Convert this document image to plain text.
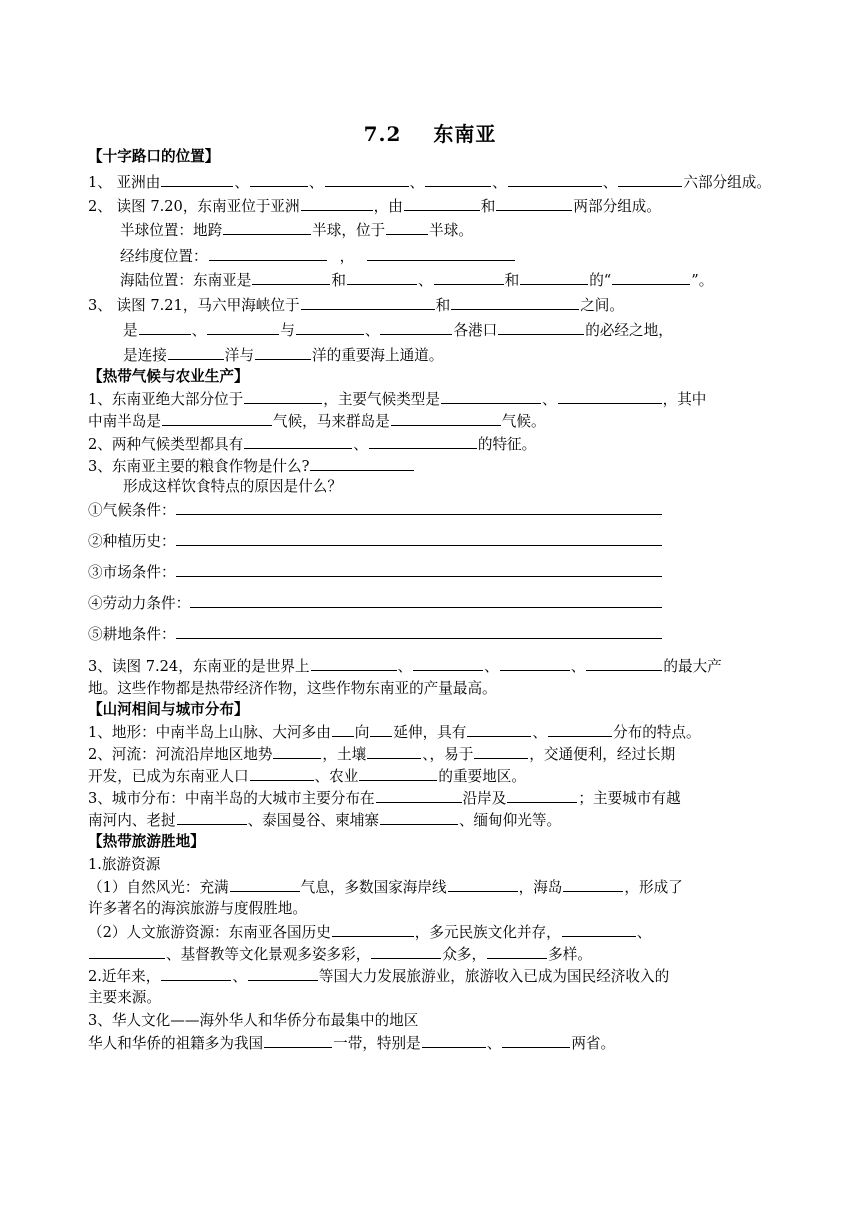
7.2 东南亚
【十字路口的位置】
1、 亚洲由	、	、	、	、	、	六部分组成。
2、 读图 7.20，东南亚位于亚洲	，由	和	两部分组成。
半球位置：地跨	半球，位于	半球。
经纬度位置：	，
海陆位置：东南亚是	和	、	和	的“	”。
3、 读图 7.21，马六甲海峡位于	和	之间。
是	、	与	、	各港口	的必经之地，
是连接	洋与	洋的重要海上通道。
【热带气候与农业生产】
1、东南亚绝大部分位于	，主要气候类型是	、	，其中
中南半岛是	气候，马来群岛是	气候。
2、两种气候类型都具有	、	的特征。
3、东南亚主要的粮食作物是什么?
形成这样饮食特点的原因是什么？
①气候条件：
②种植历史：
③市场条件：
④劳动力条件：
⑤耕地条件：
3、读图 7.24，东南亚的是世界上	、	、	、	的最大产
地。这些作物都是热带经济作物，这些作物东南亚的产量最高。
【山河相间与城市分布】
1、地形：中南半岛上山脉、大河多由 向 延伸，具有	、	分布的特点。
2、河流：河流沿岸地区地势	，土壤	、，易于	，交通便利，经过长期
开发，已成为东南亚人口	、农业	的重要地区。
3、城市分布：中南半岛的大城市主要分布在	沿岸及	；主要城市有越
南河内、老挝	、泰国曼谷、柬埔寨	、缅甸仰光等。
【热带旅游胜地】
1.旅游资源
（1）自然风光：充满	气息，多数国家海岸线	，海岛	，形成了
许多著名的海滨旅游与度假胜地。
（2）人文旅游资源：东南亚各国历史	，多元民族文化并存，	、
、基督教等文化景观多姿多彩，	众多，	多样。
2.近年来，	、	等国大力发展旅游业，旅游收入已成为国民经济收入的
主要来源。
3、华人文化——海外华人和华侨分布最集中的地区
华人和华侨的祖籍多为我国	一带，特别是	、	两省。
